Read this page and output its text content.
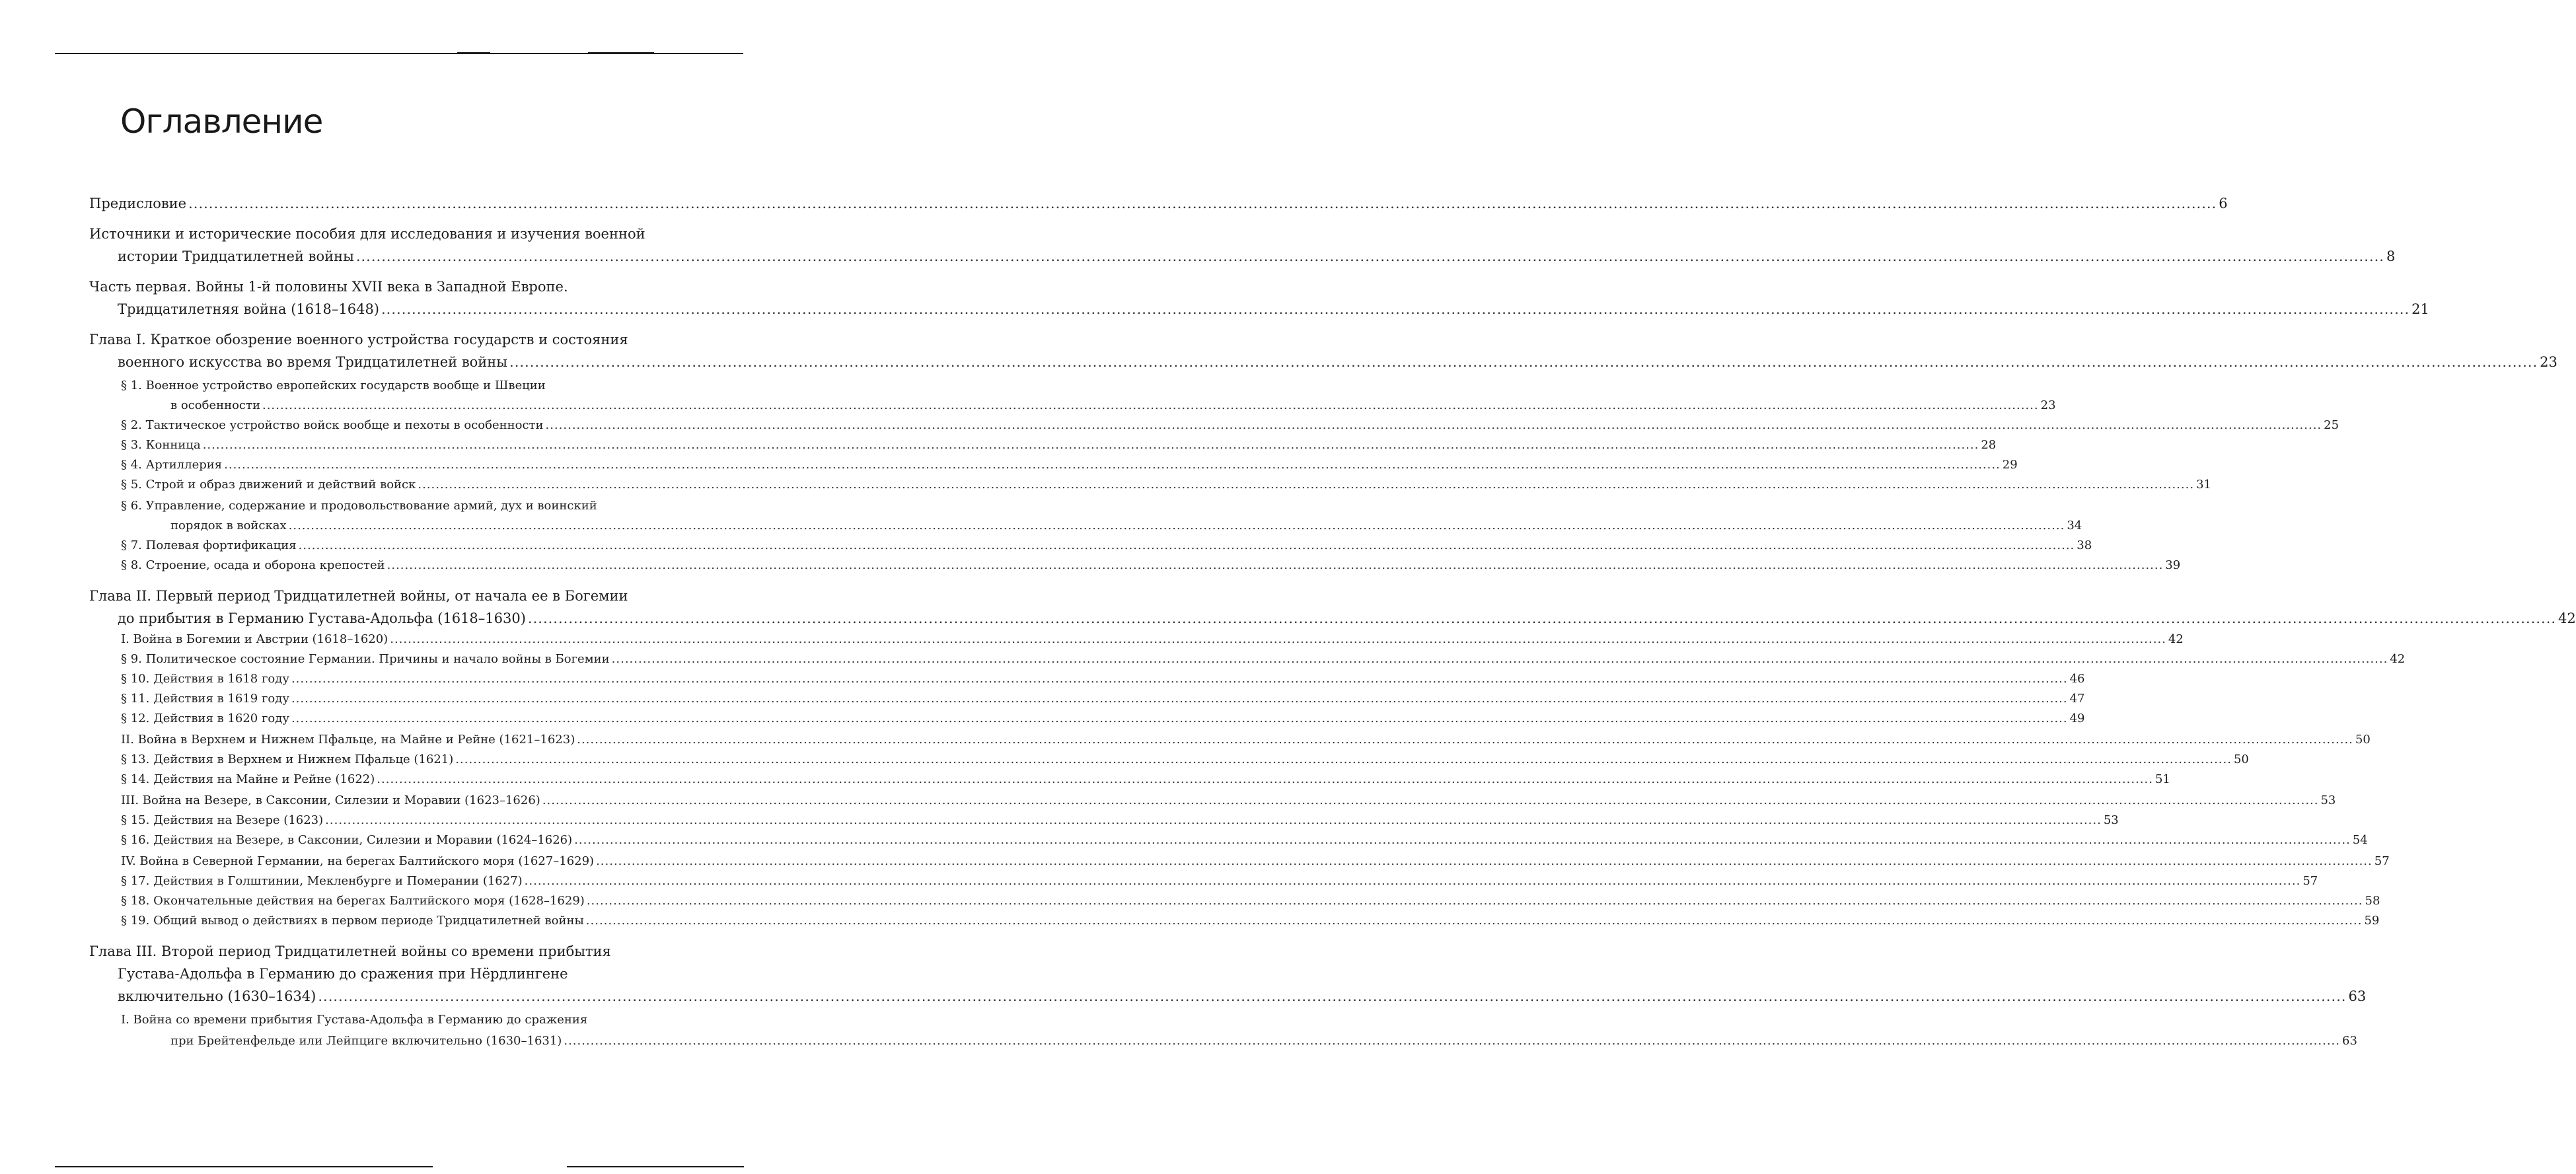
Оглавление
Предисловие ................................................................................................................................................................................................................................................................................................................................................................................................................ 6
Источники и исторические пособия для исследования и изучения военной
истории Тридцатилетней войны ................................................................................................................................................................................................................................................................................................................................................................................................................ 8
Часть первая. Войны 1-й половины XVII века в Западной Европе.
Тридцатилетняя война (1618–1648) ................................................................................................................................................................................................................................................................................................................................................................................................................ 21
Глава I. Краткое обозрение военного устройства государств и состояния
военного искусства во время Тридцатилетней войны ................................................................................................................................................................................................................................................................................................................................................................................................................ 23
§ 1. Военное устройство европейских государств вообще и Швеции
в особенности ................................................................................................................................................................................................................................................................................................................................................................................................................ 23
§ 2. Тактическое устройство войск вообще и пехоты в особенности ................................................................................................................................................................................................................................................................................................................................................................................................................ 25
§ 3. Конница ................................................................................................................................................................................................................................................................................................................................................................................................................ 28
§ 4. Артиллерия ................................................................................................................................................................................................................................................................................................................................................................................................................ 29
§ 5. Строй и образ движений и действий войск ................................................................................................................................................................................................................................................................................................................................................................................................................ 31
§ 6. Управление, содержание и продовольствование армий, дух и воинский
порядок в войсках ................................................................................................................................................................................................................................................................................................................................................................................................................ 34
§ 7. Полевая фортификация ................................................................................................................................................................................................................................................................................................................................................................................................................ 38
§ 8. Строение, осада и оборона крепостей ................................................................................................................................................................................................................................................................................................................................................................................................................ 39
Глава II. Первый период Тридцатилетней войны, от начала ее в Богемии
до прибытия в Германию Густава-Адольфа (1618–1630) ................................................................................................................................................................................................................................................................................................................................................................................................................ 42
I. Война в Богемии и Австрии (1618–1620) ................................................................................................................................................................................................................................................................................................................................................................................................................ 42
§ 9. Политическое состояние Германии. Причины и начало войны в Богемии ................................................................................................................................................................................................................................................................................................................................................................................................................ 42
§ 10. Действия в 1618 году ................................................................................................................................................................................................................................................................................................................................................................................................................ 46
§ 11. Действия в 1619 году ................................................................................................................................................................................................................................................................................................................................................................................................................ 47
§ 12. Действия в 1620 году ................................................................................................................................................................................................................................................................................................................................................................................................................ 49
II. Война в Верхнем и Нижнем Пфальце, на Майне и Рейне (1621–1623) ................................................................................................................................................................................................................................................................................................................................................................................................................ 50
§ 13. Действия в Верхнем и Нижнем Пфальце (1621) ................................................................................................................................................................................................................................................................................................................................................................................................................ 50
§ 14. Действия на Майне и Рейне (1622) ................................................................................................................................................................................................................................................................................................................................................................................................................ 51
III. Война на Везере, в Саксонии, Силезии и Моравии (1623–1626) ................................................................................................................................................................................................................................................................................................................................................................................................................ 53
§ 15. Действия на Везере (1623) ................................................................................................................................................................................................................................................................................................................................................................................................................ 53
§ 16. Действия на Везере, в Саксонии, Силезии и Моравии (1624–1626) ................................................................................................................................................................................................................................................................................................................................................................................................................ 54
IV. Война в Северной Германии, на берегах Балтийского моря (1627–1629) ................................................................................................................................................................................................................................................................................................................................................................................................................ 57
§ 17. Действия в Голштинии, Мекленбурге и Померании (1627) ................................................................................................................................................................................................................................................................................................................................................................................................................ 57
§ 18. Окончательные действия на берегах Балтийского моря (1628–1629) ................................................................................................................................................................................................................................................................................................................................................................................................................ 58
§ 19. Общий вывод о действиях в первом периоде Тридцатилетней войны ................................................................................................................................................................................................................................................................................................................................................................................................................ 59
Глава III. Второй период Тридцатилетней войны со времени прибытия
Густава-Адольфа в Германию до сражения при Нёрдлингене
включительно (1630–1634) ................................................................................................................................................................................................................................................................................................................................................................................................................ 63
I. Война со времени прибытия Густава-Адольфа в Германию до сражения
при Брейтенфельде или Лейпциге включительно (1630–1631) ................................................................................................................................................................................................................................................................................................................................................................................................................ 63
